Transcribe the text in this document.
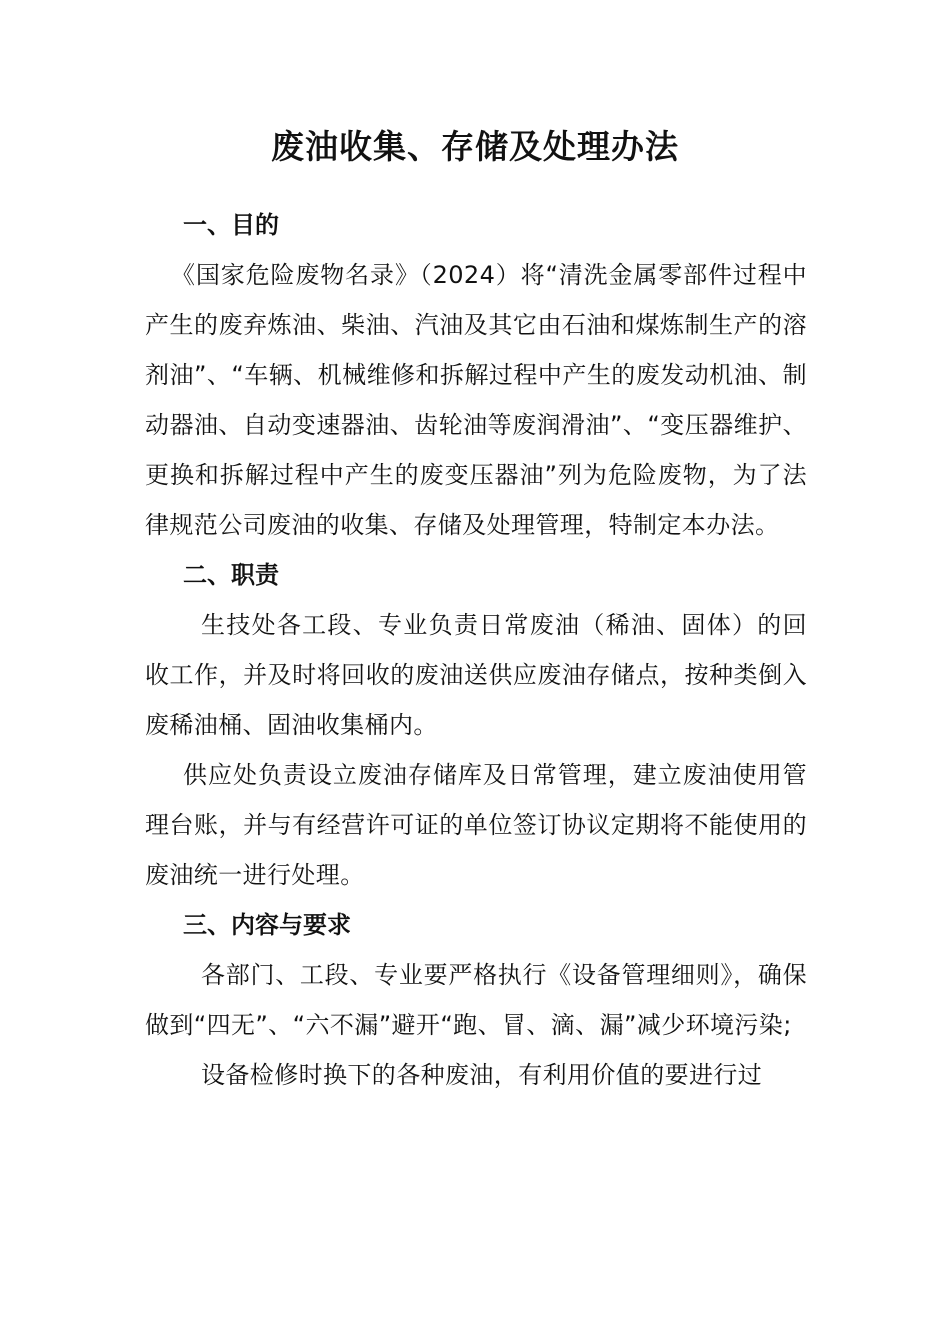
废油收集、存储及处理办法
一、目的

《国家危险废物名录》（2024）将“清洗金属零部件过程中产生的废弃炼油、柴油、汽油及其它由石油和煤炼制生产的溶剂油”、“车辆、机械维修和拆解过程中产生的废发动机油、制动器油、自动变速器油、齿轮油等废润滑油”、“变压器维护、更换和拆解过程中产生的废变压器油”列为危险废物，为了法律规范公司废油的收集、存储及处理管理，特制定本办法。

二、职责

生技处各工段、专业负责日常废油（稀油、固体）的回收工作，并及时将回收的废油送供应废油存储点，按种类倒入废稀油桶、固油收集桶内。

供应处负责设立废油存储库及日常管理，建立废油使用管理台账，并与有经营许可证的单位签订协议定期将不能使用的废油统一进行处理。

三、内容与要求

各部门、工段、专业要严格执行《设备管理细则》，确保做到“四无”、“六不漏”避开“跑、冒、滴、漏”减少环境污染;

设备检修时换下的各种废油，有利用价值的要进行过
